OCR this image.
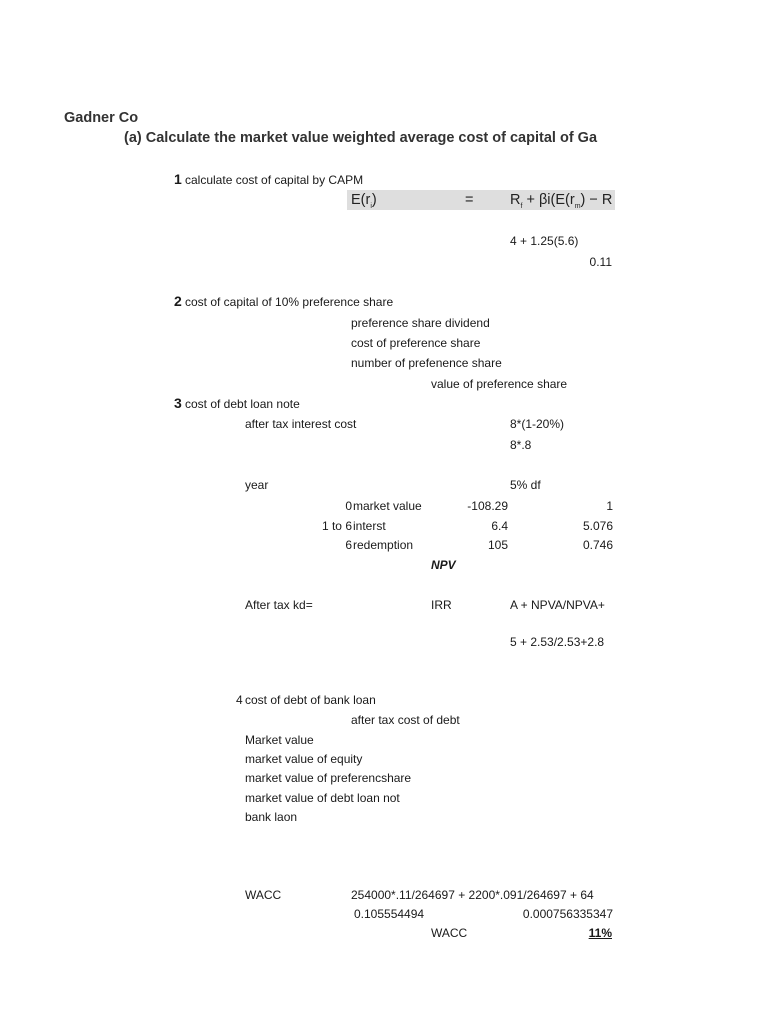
Gadner Co
(a) Calculate the market value weighted average cost of capital of Ga
1 calculate cost of capital by CAPM
$E(r_i)$	=	$R_f + \beta i(E(r_m) - R$
4 + 1.25(5.6)
0.11
2 cost of capital of 10% preference share
preference share dividend
cost of preference share
number of prefenence share
value of preference share
3 cost of debt loan note
after tax interest cost	8*(1-20%)
8*.8
year	5% df
0 market value	-108.29	1
1 to 6 interst	6.4	5.076
6 redemption	105	0.746
NPV
After tax kd=	IRR	A + NPVA/NPVA+
5 + 2.53/2.53+2.8
4 cost of debt of bank loan
after tax cost of debt
Market value
market value of equity
market value of preferencshare
market value of debt loan not
bank laon
WACC	254000*.11/264697 + 2200*.091/264697 + 64
0.105554494	0.000756335347
WACC	11%
